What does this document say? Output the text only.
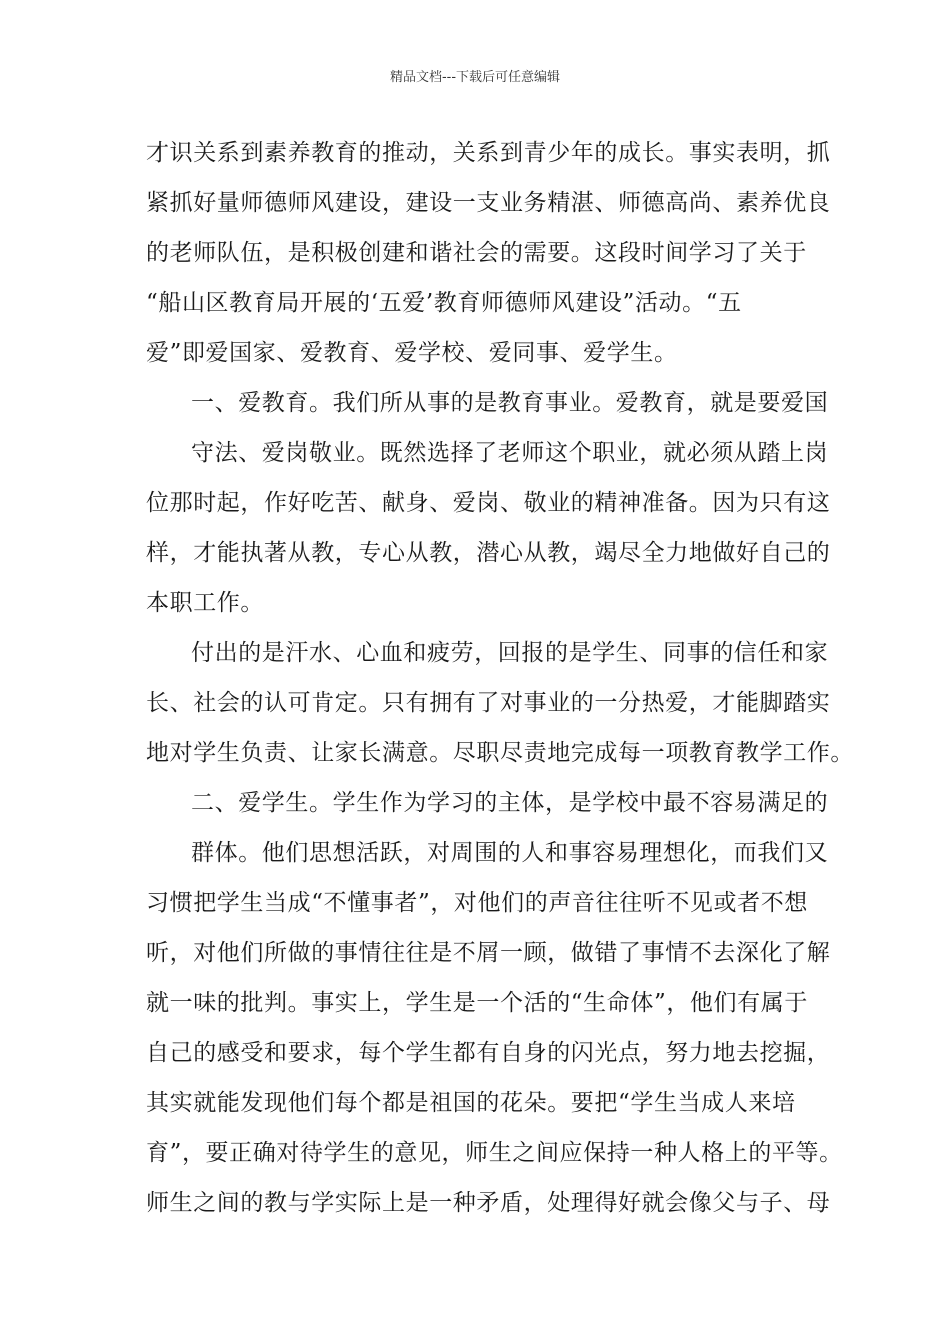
精品文档---下载后可任意编辑
才识关系到素养教育的推动，关系到青少年的成长。事实表明，抓
紧抓好量师德师风建设，建设一支业务精湛、师德高尚、素养优良
的老师队伍，是积极创建和谐社会的需要。这段时间学习了关于
“船山区教育局开展的‘五爱’教育师德师风建设”活动。“五
爱”即爱国家、爱教育、爱学校、爱同事、爱学生。
一、爱教育。我们所从事的是教育事业。爱教育，就是要爱国
守法、爱岗敬业。既然选择了老师这个职业，就必须从踏上岗
位那时起，作好吃苦、献身、爱岗、敬业的精神准备。因为只有这
样，才能执著从教，专心从教，潜心从教，竭尽全力地做好自己的
本职工作。
付出的是汗水、心血和疲劳，回报的是学生、同事的信任和家
长、社会的认可肯定。只有拥有了对事业的一分热爱，才能脚踏实
地对学生负责、让家长满意。尽职尽责地完成每一项教育教学工作。
二、爱学生。学生作为学习的主体，是学校中最不容易满足的
群体。他们思想活跃，对周围的人和事容易理想化，而我们又
习惯把学生当成“不懂事者”，对他们的声音往往听不见或者不想
听，对他们所做的事情往往是不屑一顾，做错了事情不去深化了解
就一味的批判。事实上，学生是一个活的“生命体”，他们有属于
自己的感受和要求，每个学生都有自身的闪光点，努力地去挖掘，
其实就能发现他们每个都是祖国的花朵。要把“学生当成人来培
育”，要正确对待学生的意见，师生之间应保持一种人格上的平等。
师生之间的教与学实际上是一种矛盾，处理得好就会像父与子、母
